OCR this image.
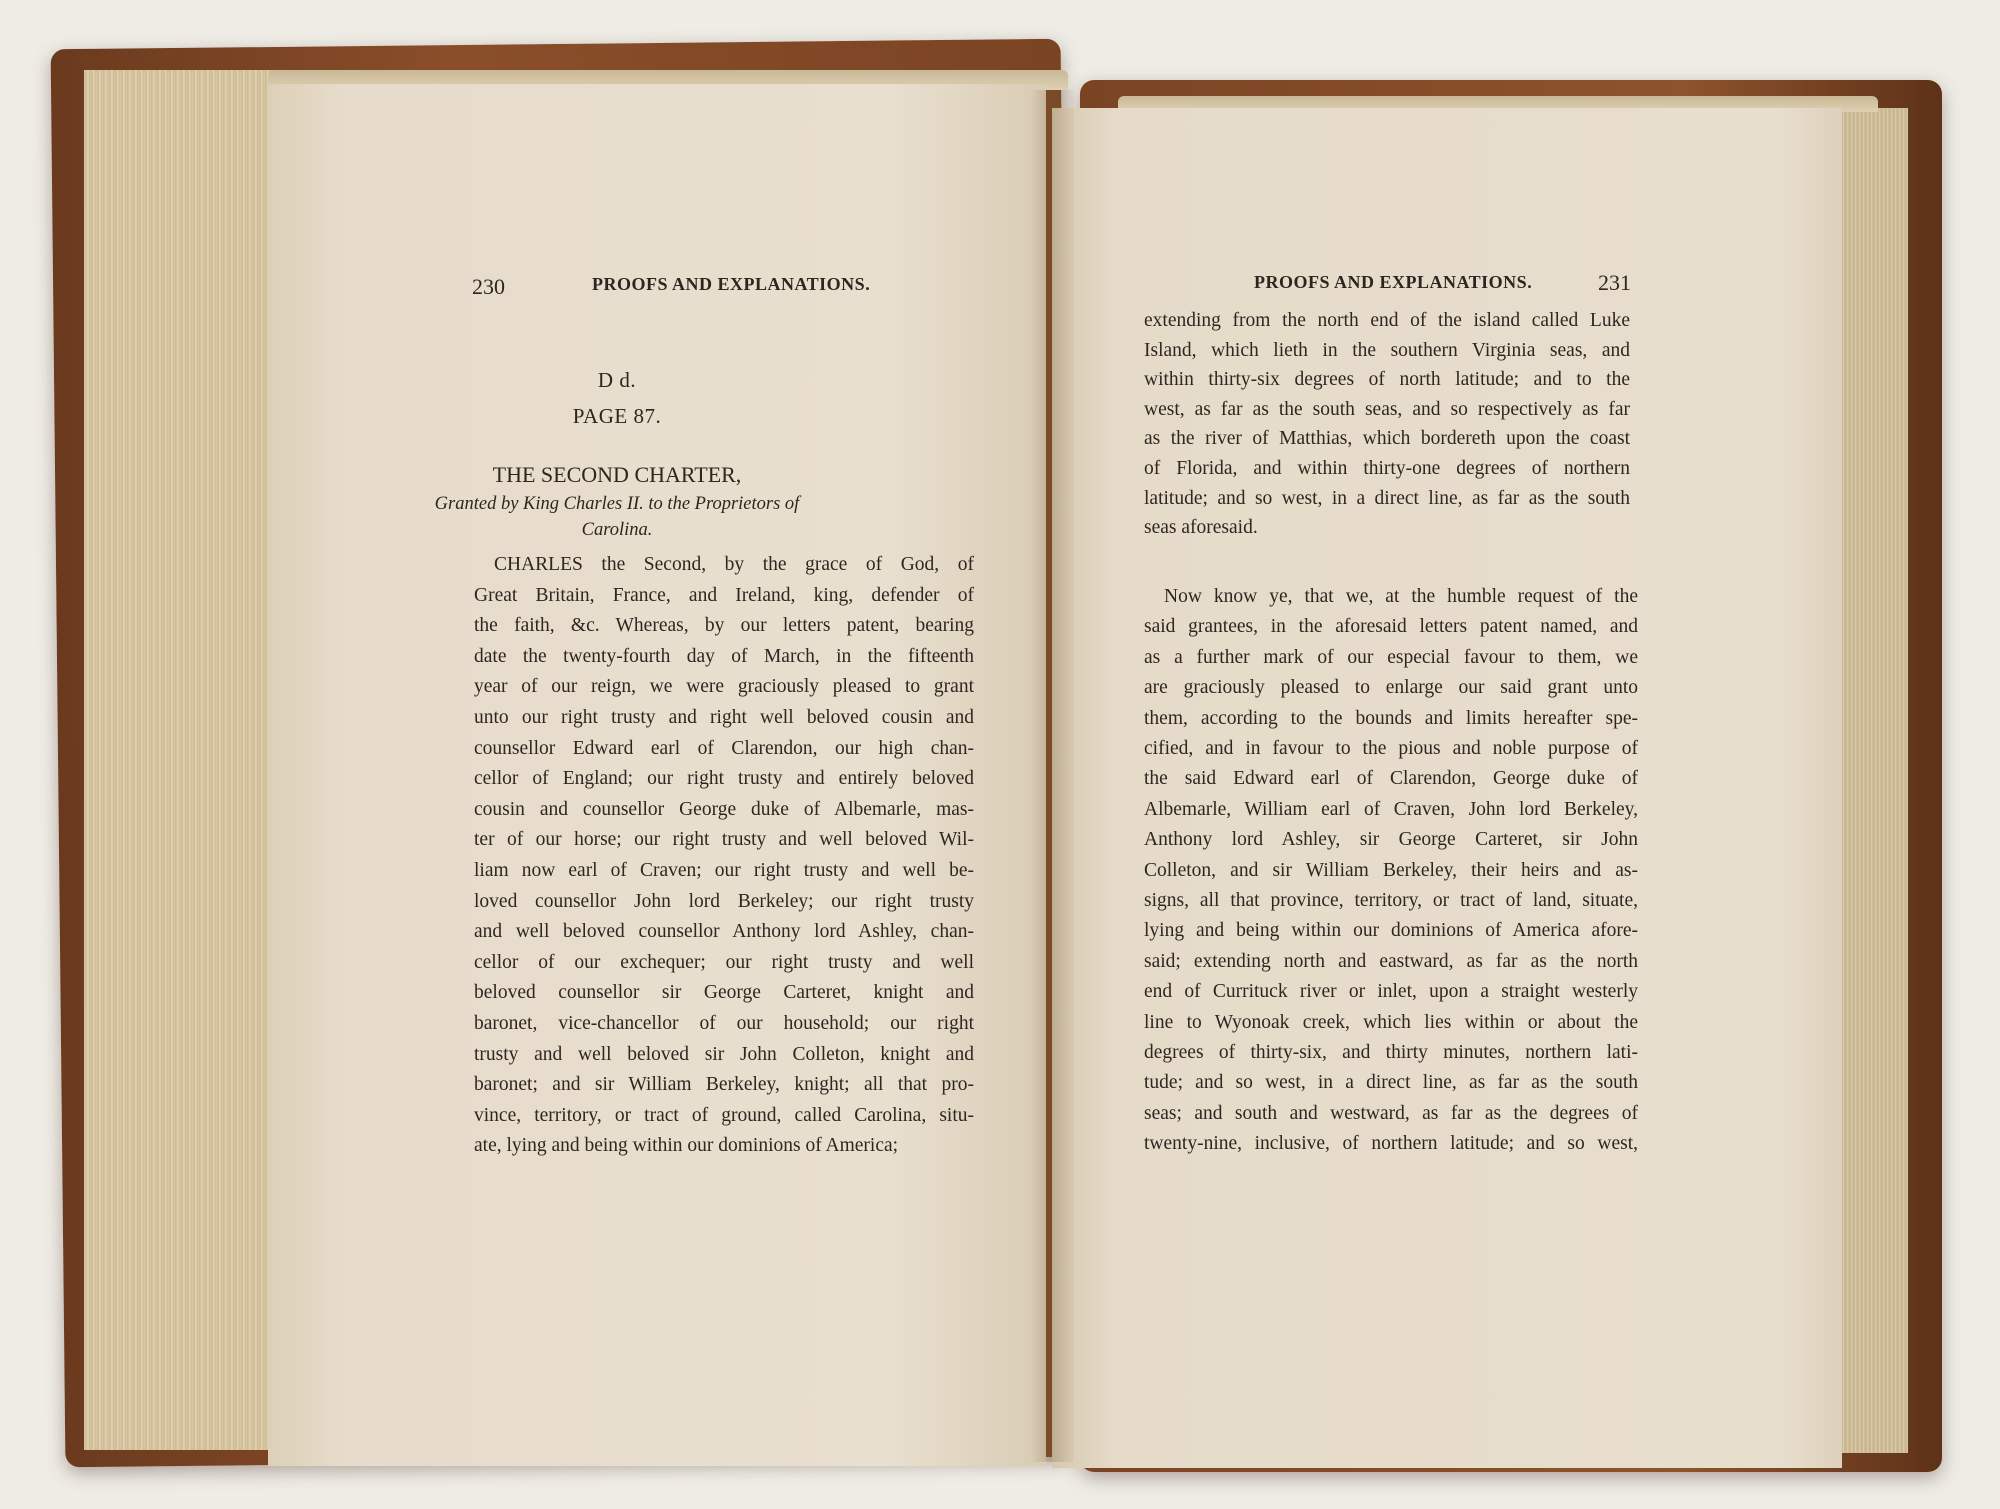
230	PROOFS AND EXPLANATIONS.
D d.
PAGE 87.
THE SECOND CHARTER,
Granted by King Charles II. to the Proprietors of
Carolina.
CHARLES the Second, by the grace of God, of
Great Britain, France, and Ireland, king, defender of
the faith, &c. Whereas, by our letters patent, bearing
date the twenty-fourth day of March, in the fifteenth
year of our reign, we were graciously pleased to grant
unto our right trusty and right well beloved cousin and
counsellor Edward earl of Clarendon, our high chan-
cellor of England; our right trusty and entirely beloved
cousin and counsellor George duke of Albemarle, mas-
ter of our horse; our right trusty and well beloved Wil-
liam now earl of Craven; our right trusty and well be-
loved counsellor John lord Berkeley; our right trusty
and well beloved counsellor Anthony lord Ashley, chan-
cellor of our exchequer; our right trusty and well
beloved counsellor sir George Carteret, knight and
baronet, vice-chancellor of our household; our right
trusty and well beloved sir John Colleton, knight and
baronet; and sir William Berkeley, knight; all that pro-
vince, territory, or tract of ground, called Carolina, situ-
ate, lying and being within our dominions of America;
PROOFS AND EXPLANATIONS.	231
extending from the north end of the island called Luke
Island, which lieth in the southern Virginia seas, and
within thirty-six degrees of north latitude; and to the
west, as far as the south seas, and so respectively as far
as the river of Matthias, which bordereth upon the coast
of Florida, and within thirty-one degrees of northern
latitude; and so west, in a direct line, as far as the south
seas aforesaid.
Now know ye, that we, at the humble request of the
said grantees, in the aforesaid letters patent named, and
as a further mark of our especial favour to them, we
are graciously pleased to enlarge our said grant unto
them, according to the bounds and limits hereafter spe-
cified, and in favour to the pious and noble purpose of
the said Edward earl of Clarendon, George duke of
Albemarle, William earl of Craven, John lord Berkeley,
Anthony lord Ashley, sir George Carteret, sir John
Colleton, and sir William Berkeley, their heirs and as-
signs, all that province, territory, or tract of land, situate,
lying and being within our dominions of America afore-
said; extending north and eastward, as far as the north
end of Currituck river or inlet, upon a straight westerly
line to Wyonoak creek, which lies within or about the
degrees of thirty-six, and thirty minutes, northern lati-
tude; and so west, in a direct line, as far as the south
seas; and south and westward, as far as the degrees of
twenty-nine, inclusive, of northern latitude; and so west,
